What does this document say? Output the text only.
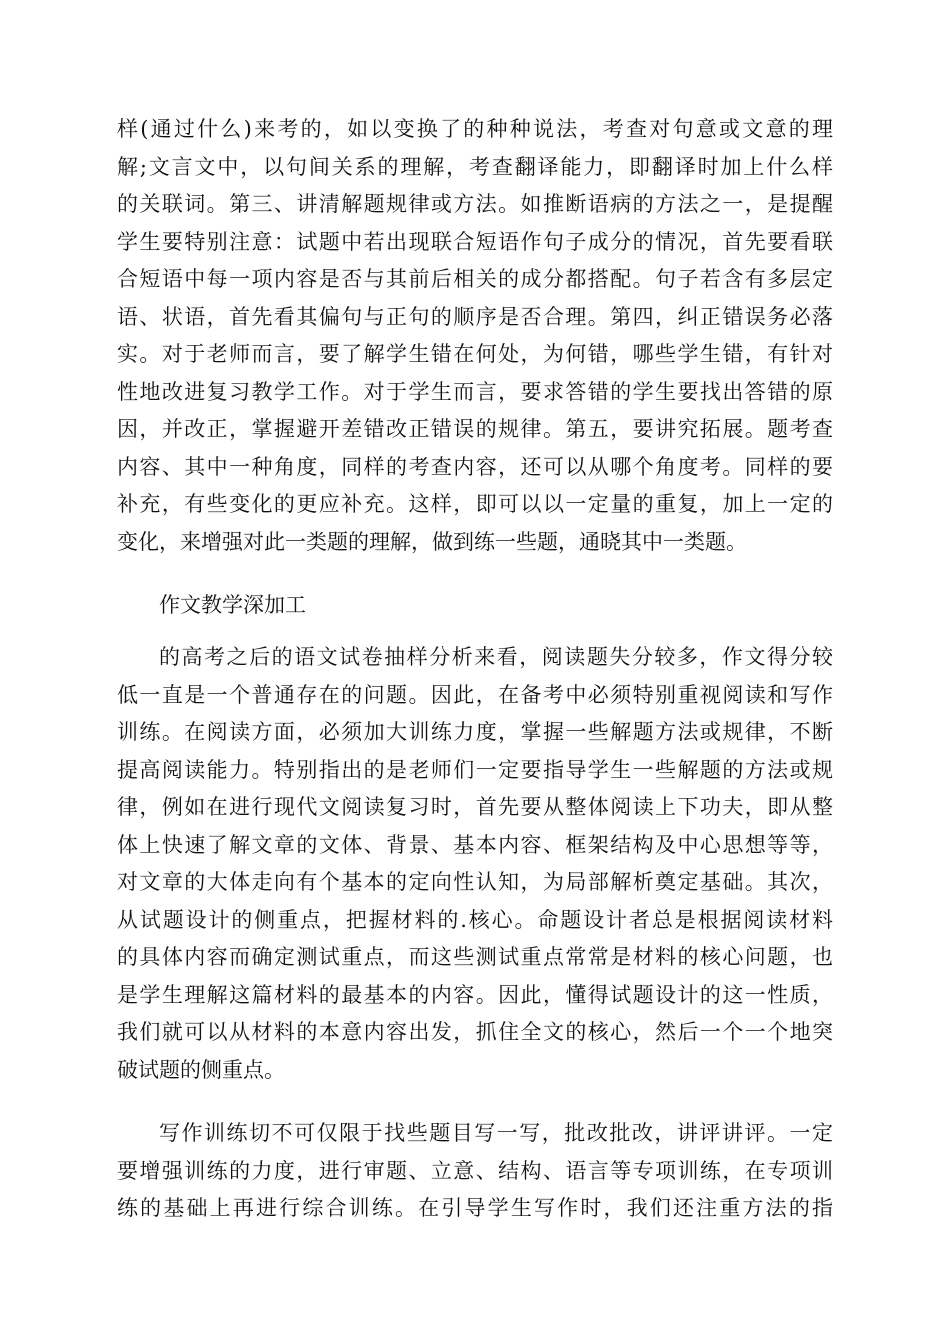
样(通过什么)来考的，如以变换了的种种说法，考查对句意或文意的理
解;文言文中，以句间关系的理解，考查翻译能力，即翻译时加上什么样
的关联词。第三、讲清解题规律或方法。如推断语病的方法之一，是提醒
学生要特别注意：试题中若出现联合短语作句子成分的情况，首先要看联
合短语中每一项内容是否与其前后相关的成分都搭配。句子若含有多层定
语、状语，首先看其偏句与正句的顺序是否合理。第四，纠正错误务必落
实。对于老师而言，要了解学生错在何处，为何错，哪些学生错，有针对
性地改进复习教学工作。对于学生而言，要求答错的学生要找出答错的原
因，并改正，掌握避开差错改正错误的规律。第五，要讲究拓展。题考查
内容、其中一种角度，同样的考查内容，还可以从哪个角度考。同样的要
补充，有些变化的更应补充。这样，即可以以一定量的重复，加上一定的
变化，来增强对此一类题的理解，做到练一些题，通晓其中一类题。
作文教学深加工
的高考之后的语文试卷抽样分析来看，阅读题失分较多，作文得分较
低一直是一个普通存在的问题。因此，在备考中必须特别重视阅读和写作
训练。在阅读方面，必须加大训练力度，掌握一些解题方法或规律，不断
提高阅读能力。特别指出的是老师们一定要指导学生一些解题的方法或规
律，例如在进行现代文阅读复习时，首先要从整体阅读上下功夫，即从整
体上快速了解文章的文体、背景、基本内容、框架结构及中心思想等等，
对文章的大体走向有个基本的定向性认知，为局部解析奠定基础。其次，
从试题设计的侧重点，把握材料的.核心。命题设计者总是根据阅读材料
的具体内容而确定测试重点，而这些测试重点常常是材料的核心问题，也
是学生理解这篇材料的最基本的内容。因此，懂得试题设计的这一性质，
我们就可以从材料的本意内容出发，抓住全文的核心，然后一个一个地突
破试题的侧重点。
写作训练切不可仅限于找些题目写一写，批改批改，讲评讲评。一定
要增强训练的力度，进行审题、立意、结构、语言等专项训练，在专项训
练的基础上再进行综合训练。在引导学生写作时，我们还注重方法的指
